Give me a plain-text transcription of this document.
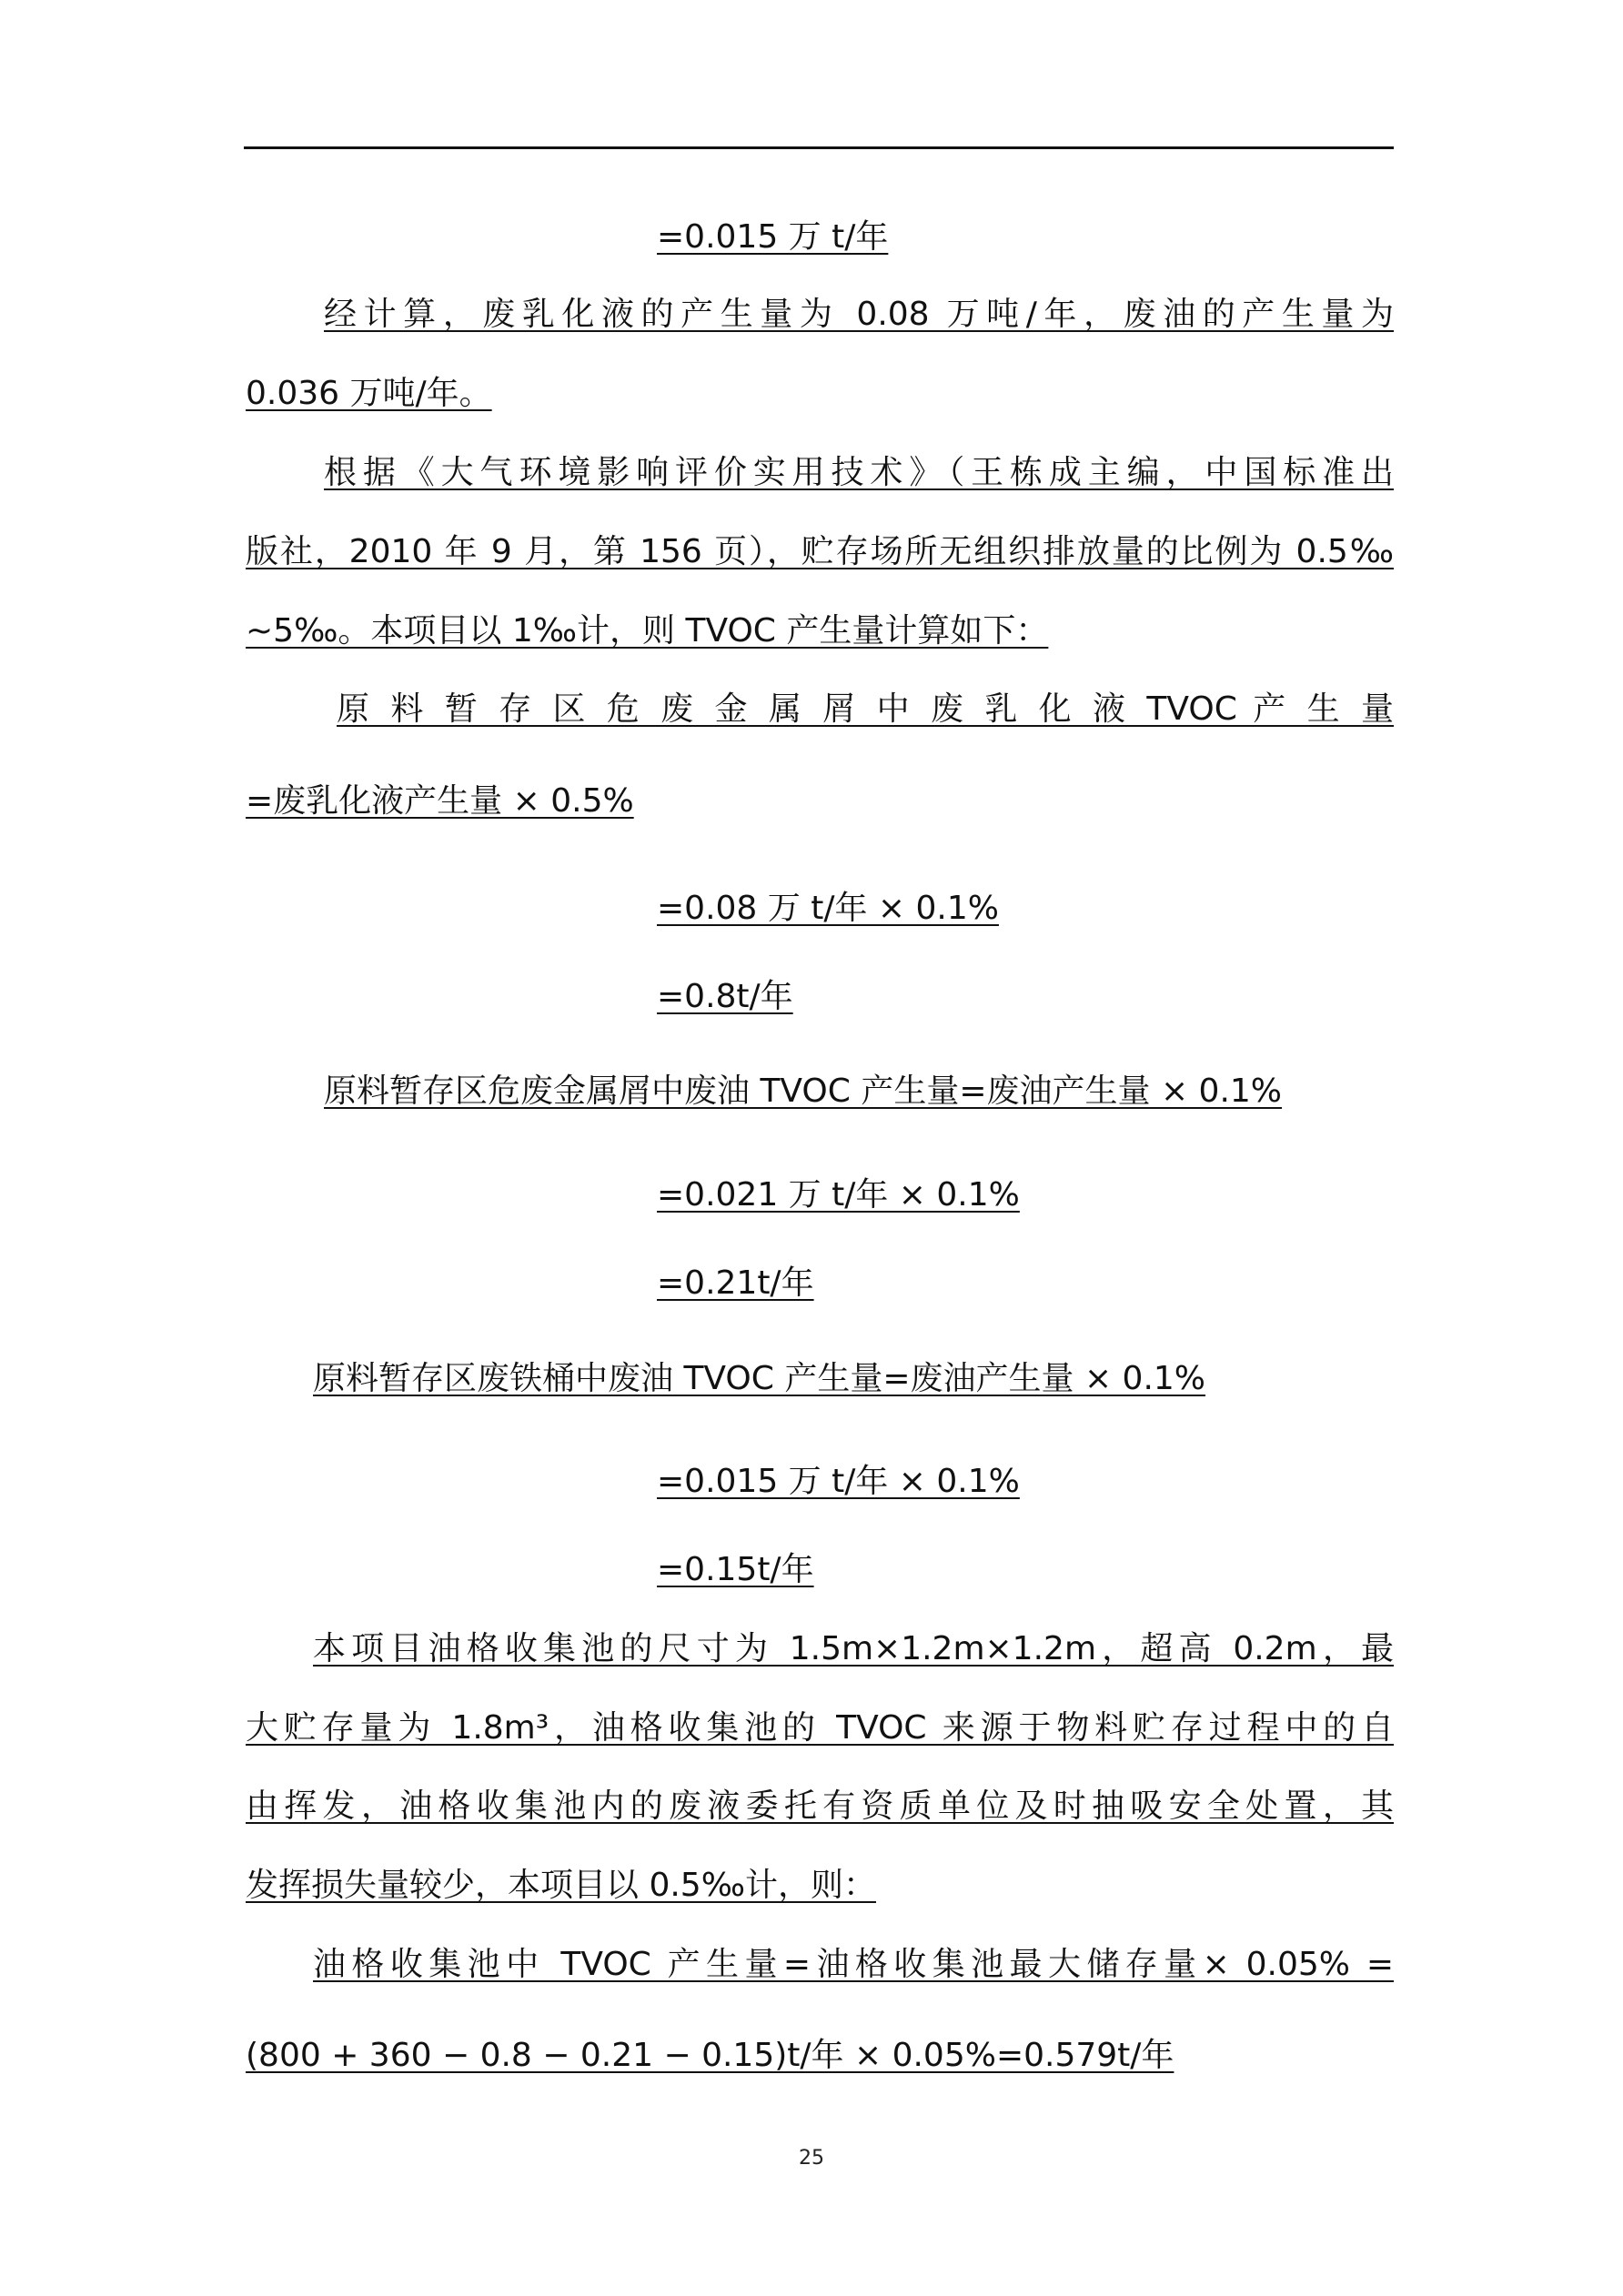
=0.015 万 t/年
经计算，废乳化液的产生量为 0.08 万吨/年，废油的产生量为
0.036 万吨/年。
根据《大气环境影响评价实用技术》（王栋成主编，中国标准出
版社，2010 年 9 月，第 156 页），贮存场所无组织排放量的比例为 0.5‰
~5‰。本项目以 1‰计，则 TVOC 产生量计算如下：
原 料 暂 存 区 危 废 金 属 屑 中 废 乳 化 液 TVOC 产 生 量
=废乳化液产生量 × 0.5%
=0.08 万 t/年 × 0.1%
=0.8t/年
原料暂存区危废金属屑中废油 TVOC 产生量=废油产生量 × 0.1%
=0.021 万 t/年 × 0.1%
=0.21t/年
原料暂存区废铁桶中废油 TVOC 产生量=废油产生量 × 0.1%
=0.015 万 t/年 × 0.1%
=0.15t/年
本项目油格收集池的尺寸为 1.5m×1.2m×1.2m，超高 0.2m，最
大贮存量为 1.8m³，油格收集池的 TVOC 来源于物料贮存过程中的自
由挥发，油格收集池内的废液委托有资质单位及时抽吸安全处置，其
发挥损失量较少，本项目以 0.5‰计，则：
油格收集池中 TVOC 产生量=油格收集池最大储存量× 0.05% =
(800 + 360 − 0.8 − 0.21 − 0.15)t/年 × 0.05%=0.579t/年
25
